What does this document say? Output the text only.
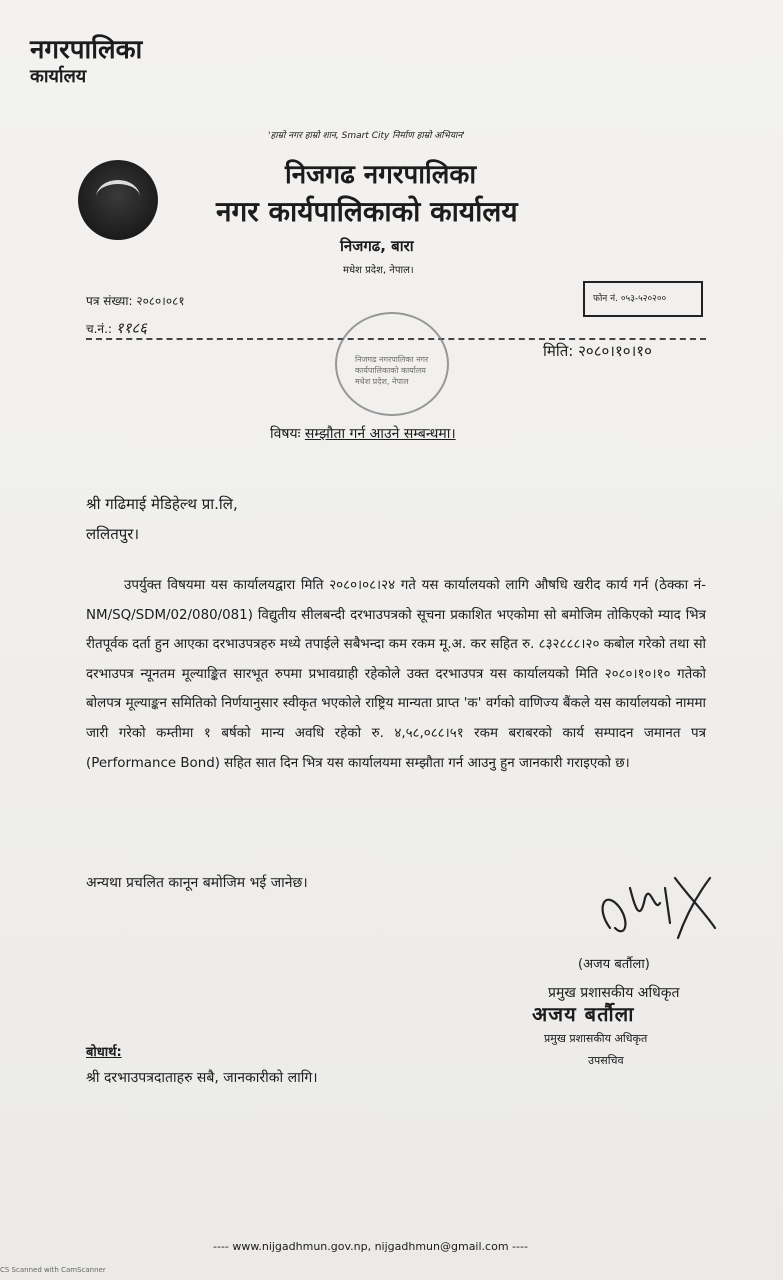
नगरपालिका
कार्यालय
'हाम्रो नगर हाम्रो शान, Smart City निर्माण हाम्रो अभियान'
निजगढ नगरपालिका
नगर कार्यपालिकाको कार्यालय
निजगढ, बारा
मधेश प्रदेश, नेपाल।
पत्र संख्या: २०८०।०८१
च.नं.: ११८६
फोन नं. ०५३-५२०२००
निजगढ नगरपालिका नगर कार्यपालिकाको कार्यालय मधेश प्रदेश, नेपाल
मिति: २०८०।१०।१०
विषयः सम्झौता गर्न आउने सम्बन्धमा।
श्री गढिमाई मेडिहेल्थ प्रा.लि,
ललितपुर।
उपर्युक्त विषयमा यस कार्यालयद्वारा मिति २०८०।०८।२४ गते यस कार्यालयको लागि औषधि खरीद कार्य गर्न (ठेक्का नं-NM/SQ/SDM/02/080/081) विद्युतीय सीलबन्दी दरभाउपत्रको सूचना प्रकाशित भएकोमा सो बमोजिम तोकिएको म्याद भित्र रीतपूर्वक दर्ता हुन आएका दरभाउपत्रहरु मध्ये तपाईले सबैभन्दा कम रकम मू.अ. कर सहित रु. ८३२८८८।२० कबोल गरेको तथा सो दरभाउपत्र न्यूनतम मूल्याङ्कित सारभूत रुपमा प्रभावग्राही रहेकोले उक्त दरभाउपत्र यस कार्यालयको मिति २०८०।१०।१० गतेको बोलपत्र मूल्याङ्कन समितिको निर्णयानुसार स्वीकृत भएकोले राष्ट्रिय मान्यता प्राप्त 'क' वर्गको वाणिज्य बैंकले यस कार्यालयको नाममा जारी गरेको कम्तीमा १ बर्षको मान्य अवधि रहेको रु. ४,५८,०८८।५१ रकम बराबरको कार्य सम्पादन जमानत पत्र (Performance Bond) सहित सात दिन भित्र यस कार्यालयमा सम्झौता गर्न आउनु हुन जानकारी गराइएको छ।
अन्यथा प्रचलित कानून बमोजिम भई जानेछ।
(अजय बर्तौला)
प्रमुख प्रशासकीय अधिकृत
अजय बर्तौला
प्रमुख प्रशासकीय अधिकृत
उपसचिव
बोधार्थ:
श्री दरभाउपत्रदाताहरु सबै, जानकारीको लागि।
---- www.nijgadhmun.gov.np, nijgadhmun@gmail.com ----
CS Scanned with CamScanner
